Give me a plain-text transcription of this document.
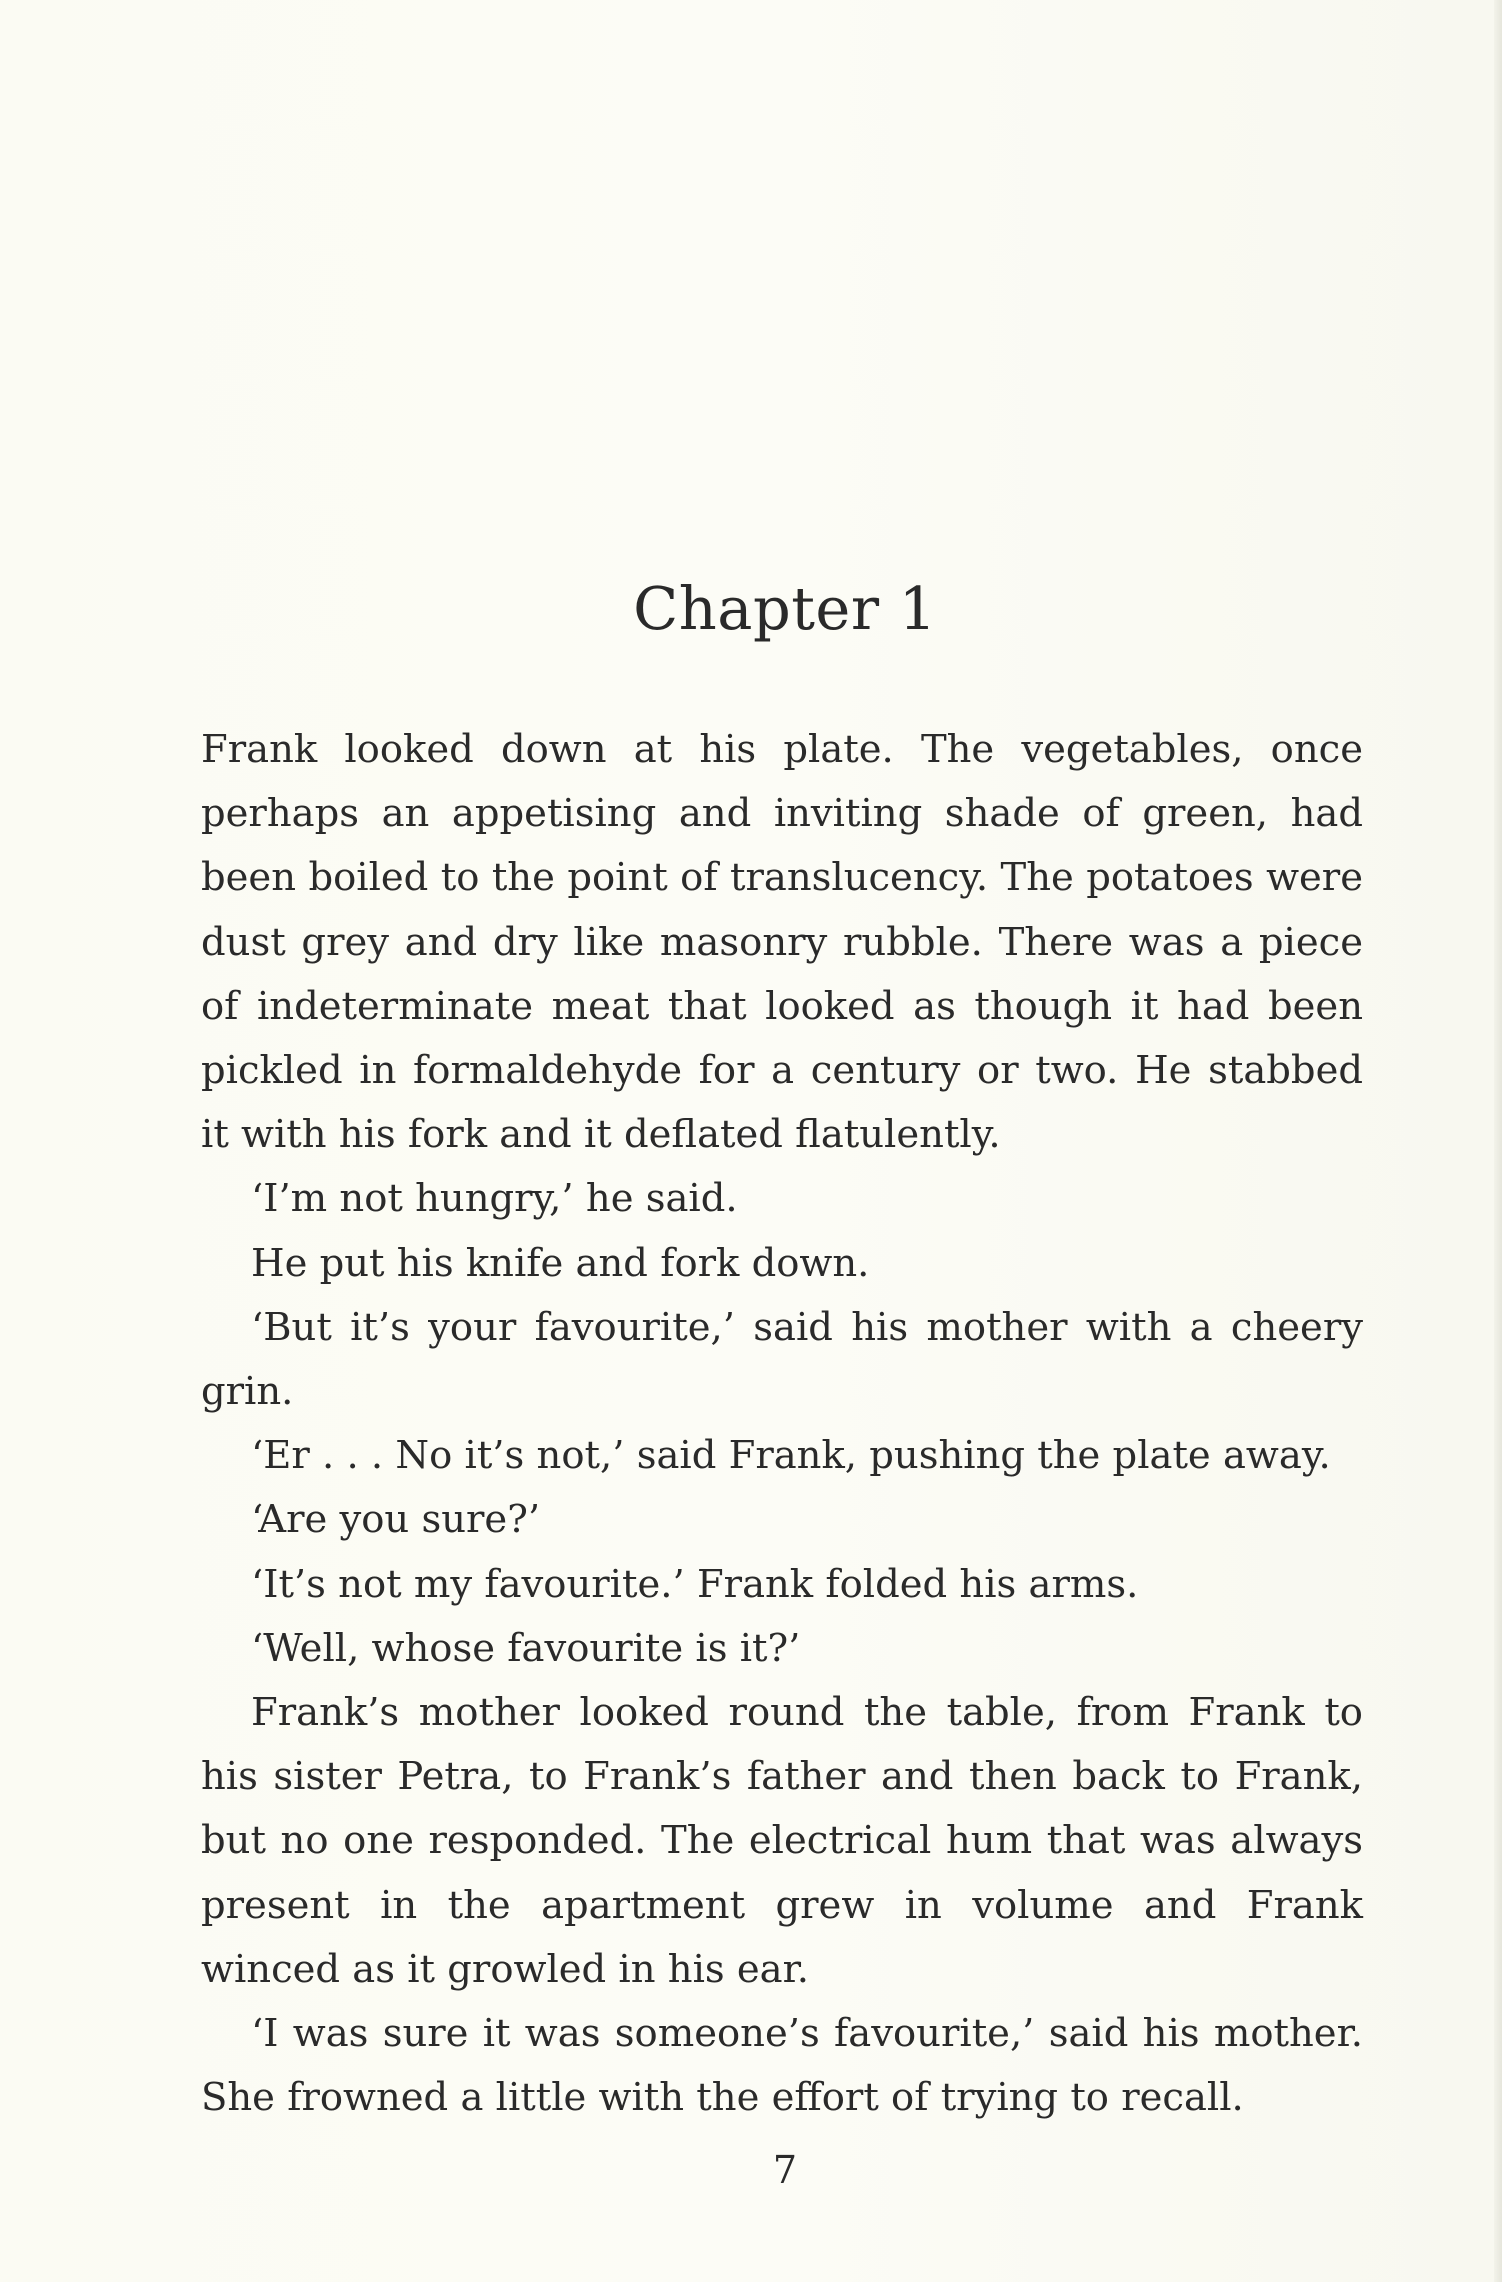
Chapter 1

Frank looked down at his plate. The vegetables, once perhaps an appetising and inviting shade of green, had been boiled to the point of translucency. The potatoes were dust grey and dry like masonry rubble. There was a piece of indeterminate meat that looked as though it had been pickled in formaldehyde for a century or two. He stabbed it with his fork and it deflated flatulently.

‘I’m not hungry,’ he said.

He put his knife and fork down.

‘But it’s your favourite,’ said his mother with a cheery grin.

‘Er . . . No it’s not,’ said Frank, pushing the plate away.

‘Are you sure?’

‘It’s not my favourite.’ Frank folded his arms.

‘Well, whose favourite is it?’

Frank’s mother looked round the table, from Frank to his sister Petra, to Frank’s father and then back to Frank, but no one responded. The electrical hum that was always present in the apartment grew in volume and Frank winced as it growled in his ear.

‘I was sure it was someone’s favourite,’ said his mother. She frowned a little with the effort of trying to recall.

7
